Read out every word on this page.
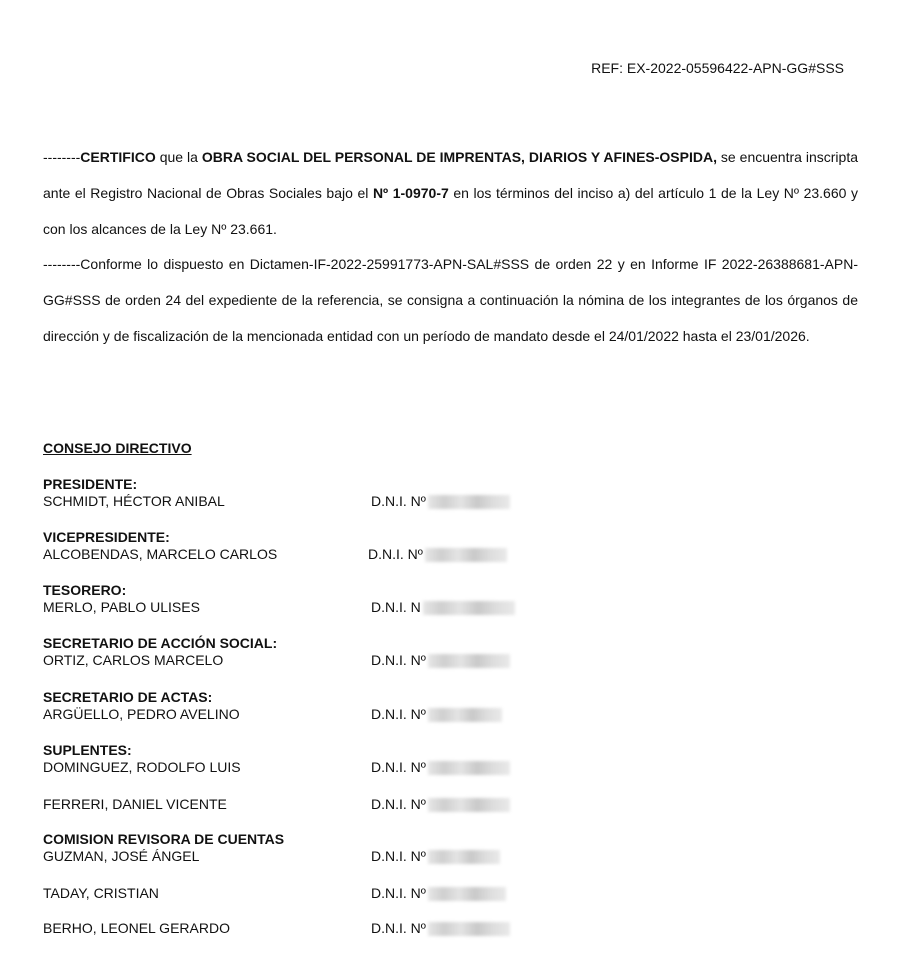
REF: EX-2022-05596422-APN-GG#SSS
--------CERTIFICO que la OBRA SOCIAL DEL PERSONAL DE IMPRENTAS, DIARIOS Y AFINES-OSPIDA, se encuentra inscripta ante el Registro Nacional de Obras Sociales bajo el Nº 1-0970-7 en los términos del inciso a) del artículo 1 de la Ley Nº 23.660 y con los alcances de la Ley Nº 23.661.
--------Conforme lo dispuesto en Dictamen-IF-2022-25991773-APN-SAL#SSS de orden 22 y en Informe IF 2022-26388681-APN-GG#SSS de orden 24 del expediente de la referencia, se consigna a continuación la nómina de los integrantes de los órganos de dirección y de fiscalización de la mencionada entidad con un período de mandato desde el 24/01/2022 hasta el 23/01/2026.
CONSEJO DIRECTIVO
PRESIDENTE:
SCHMIDT, HÉCTOR ANIBAL	D.N.I. Nº
VICEPRESIDENTE:
ALCOBENDAS, MARCELO CARLOS	D.N.I. Nº
TESORERO:
MERLO, PABLO ULISES	D.N.I. N
SECRETARIO DE ACCIÓN SOCIAL:
ORTIZ, CARLOS MARCELO	D.N.I. Nº
SECRETARIO DE ACTAS:
ARGÜELLO, PEDRO AVELINO	D.N.I. Nº
SUPLENTES:
DOMINGUEZ, RODOLFO LUIS	D.N.I. Nº
FERRERI, DANIEL VICENTE	D.N.I. Nº
COMISION REVISORA DE CUENTAS
GUZMAN, JOSÉ ÁNGEL	D.N.I. Nº
TADAY, CRISTIAN	D.N.I. Nº
BERHO, LEONEL GERARDO	D.N.I. Nº
